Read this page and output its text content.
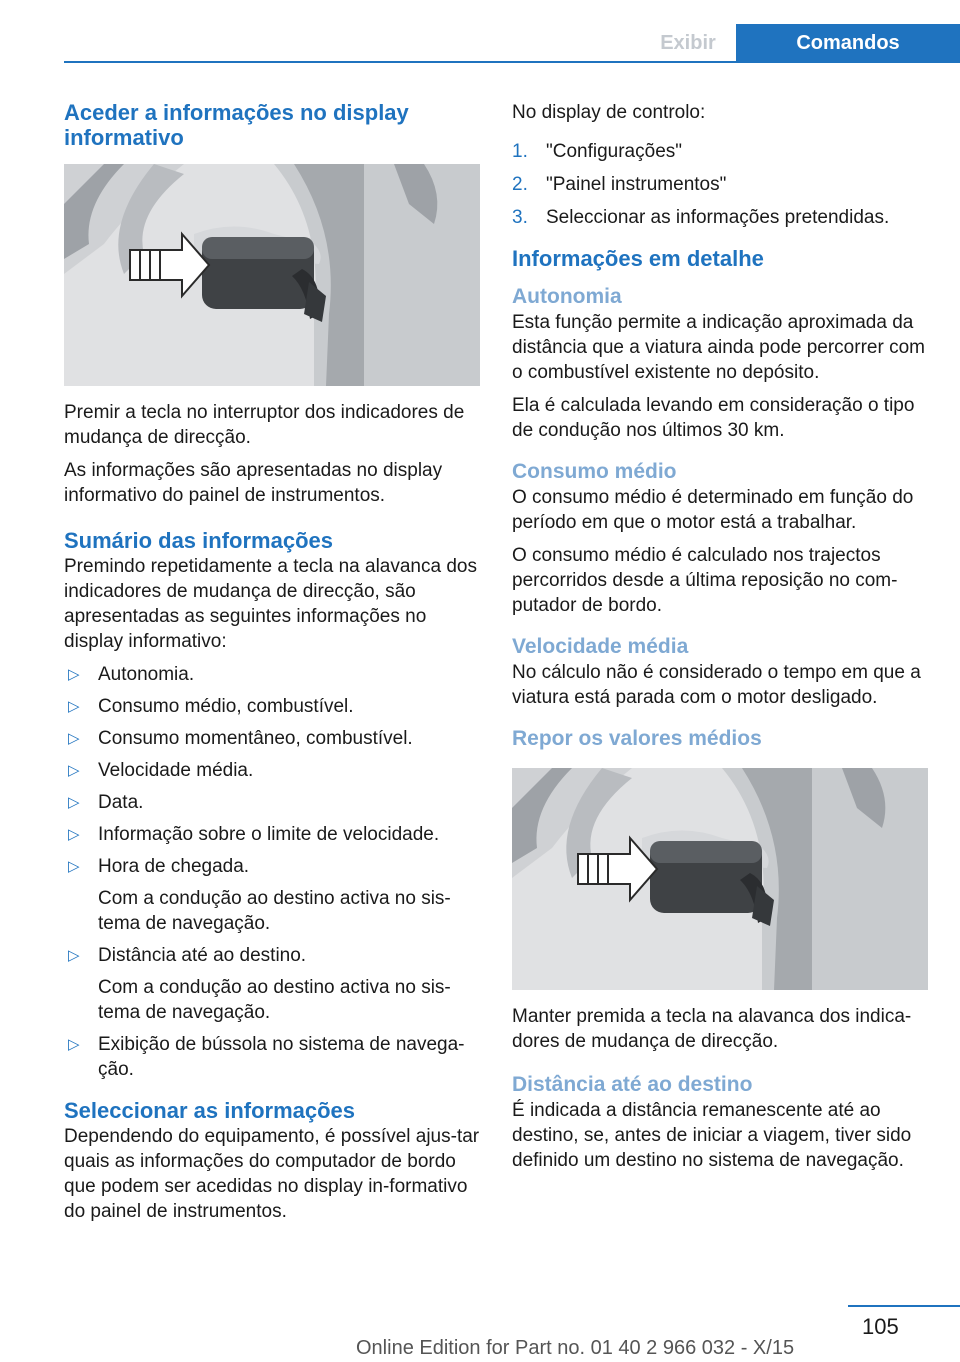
Exibir	Comandos
Aceder a informações no display informativo

Premir a tecla no interruptor dos indicadores de mudança de direcção.

As informações são apresentadas no display informativo do painel de instrumentos.

Sumário das informações

Premindo repetidamente a tecla na alavanca dos indicadores de mudança de direcção, são apresentadas as seguintes informações no display informativo:

▷ Autonomia.
▷ Consumo médio, combustível.
▷ Consumo momentâneo, combustível.
▷ Velocidade média.
▷ Data.
▷ Informação sobre o limite de velocidade.
▷ Hora de chegada.
Com a condução ao destino activa no sis-tema de navegação.
▷ Distância até ao destino.
Com a condução ao destino activa no sis-tema de navegação.
▷ Exibição de bússola no sistema de navega-ção.
Seleccionar as informações

Dependendo do equipamento, é possível ajus-tar quais as informações do computador de bordo que podem ser acedidas no display in-formativo do painel de instrumentos.

No display de controlo:

1. "Configurações"
2. "Painel instrumentos"
3. Seleccionar as informações pretendidas.
Informações em detalhe
Autonomia

Esta função permite a indicação aproximada da distância que a viatura ainda pode percorrer com o combustível existente no depósito.

Ela é calculada levando em consideração o tipo de condução nos últimos 30 km.

Consumo médio

O consumo médio é determinado em função do período em que o motor está a trabalhar.

O consumo médio é calculado nos trajectos percorridos desde a última reposição no com-putador de bordo.

Velocidade média

No cálculo não é considerado o tempo em que a viatura está parada com o motor desligado.

Repor os valores médios

Manter premida a tecla na alavanca dos indica-dores de mudança de direcção.

Distância até ao destino

É indicada a distância remanescente até ao destino, se, antes de iniciar a viagem, tiver sido definido um destino no sistema de navegação.

105
Online Edition for Part no. 01 40 2 966 032 - X/15
